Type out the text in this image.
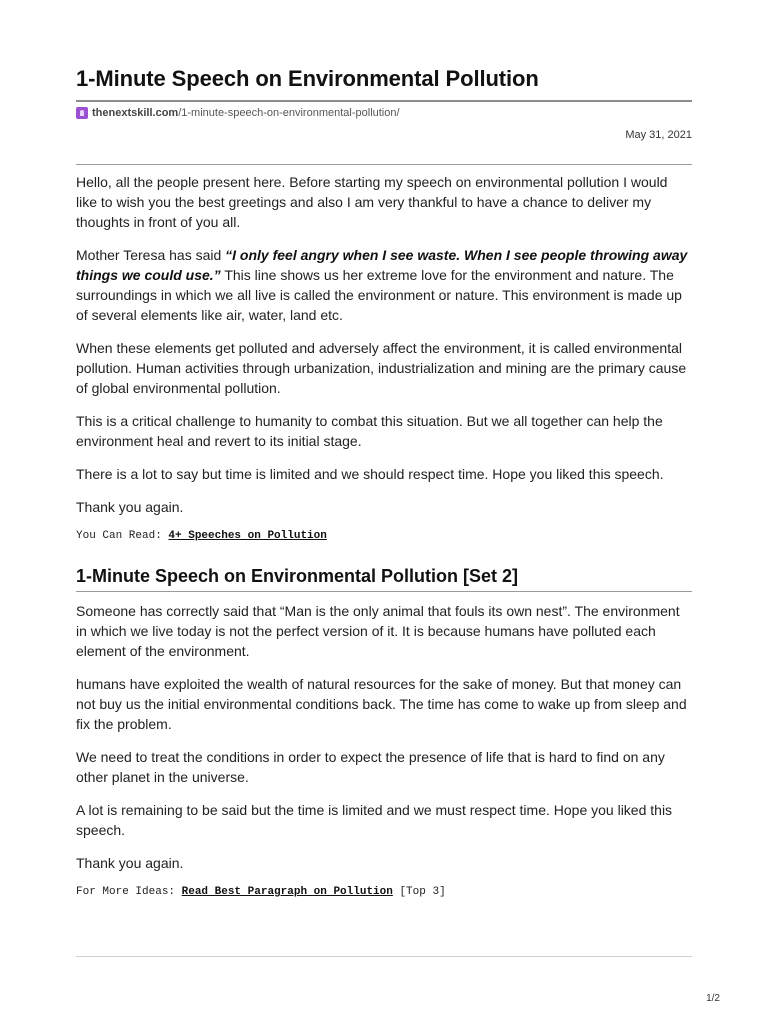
1-Minute Speech on Environmental Pollution
thenextskill.com /1-minute-speech-on-environmental-pollution/
May 31, 2021

Hello, all the people present here. Before starting my speech on environmental pollution I would like to wish you the best greetings and also I am very thankful to have a chance to deliver my thoughts in front of you all.

Mother Teresa has said “I only feel angry when I see waste. When I see people throwing away things we could use.” This line shows us her extreme love for the environment and nature. The surroundings in which we all live is called the environment or nature. This environment is made up of several elements like air, water, land etc.

When these elements get polluted and adversely affect the environment, it is called environmental pollution. Human activities through urbanization, industrialization and mining are the primary cause of global environmental pollution.

This is a critical challenge to humanity to combat this situation. But we all together can help the environment heal and revert to its initial stage.

There is a lot to say but time is limited and we should respect time. Hope you liked this speech.

Thank you again.

You Can Read: 4+ Speeches on Pollution
1-Minute Speech on Environmental Pollution [Set 2]

Someone has correctly said that “Man is the only animal that fouls its own nest”. The environment in which we live today is not the perfect version of it. It is because humans have polluted each element of the environment.

humans have exploited the wealth of natural resources for the sake of money. But that money can not buy us the initial environmental conditions back. The time has come to wake up from sleep and fix the problem.

We need to treat the conditions in order to expect the presence of life that is hard to find on any other planet in the universe.

A lot is remaining to be said but the time is limited and we must respect time. Hope you liked this speech.

Thank you again.

For More Ideas: Read Best Paragraph on Pollution [Top 3]
1/2
